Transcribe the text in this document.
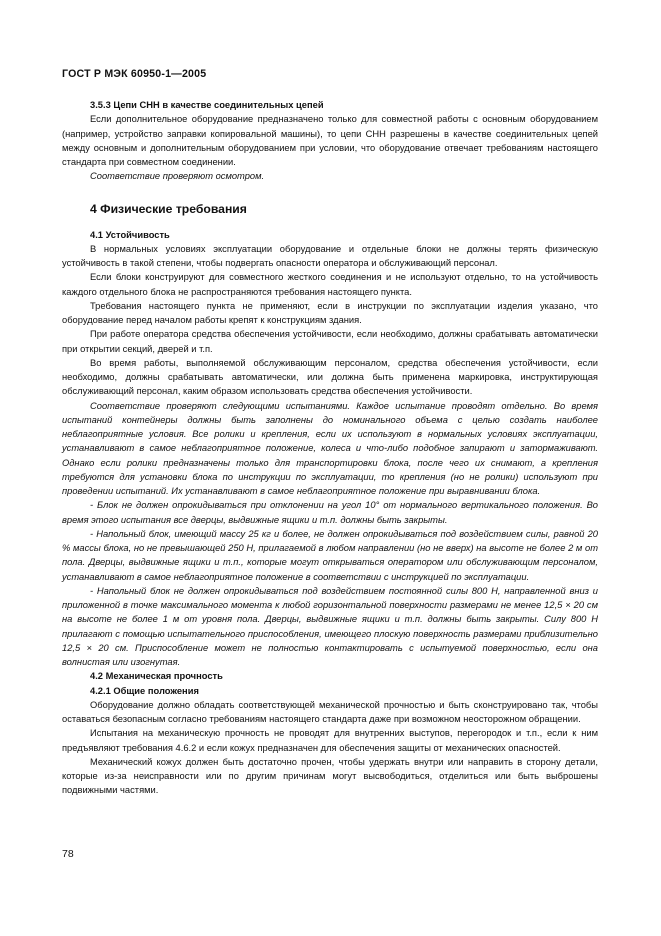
ГОСТ Р МЭК 60950-1—2005

3.5.3 Цепи СНН в качестве соединительных цепей

Если дополнительное оборудование предназначено только для совместной работы с основным оборудованием (например, устройство заправки копировальной машины), то цепи СНН разрешены в качестве соединительных цепей между основным и дополнительным оборудованием при условии, что оборудование отвечает требованиям настоящего стандарта при совместном соединении.

Соответствие проверяют осмотром.

4 Физические требования

4.1 Устойчивость

В нормальных условиях эксплуатации оборудование и отдельные блоки не должны терять физическую устойчивость в такой степени, чтобы подвергать опасности оператора и обслуживающий персонал.

Если блоки конструируют для совместного жесткого соединения и не используют отдельно, то на устойчивость каждого отдельного блока не распространяются требования настоящего пункта.

Требования настоящего пункта не применяют, если в инструкции по эксплуатации изделия указано, что оборудование перед началом работы крепят к конструкциям здания.

При работе оператора средства обеспечения устойчивости, если необходимо, должны срабатывать автоматически при открытии секций, дверей и т.п.

Во время работы, выполняемой обслуживающим персоналом, средства обеспечения устойчивости, если необходимо, должны срабатывать автоматически, или должна быть применена маркировка, инструктирующая обслуживающий персонал, каким образом использовать средства обеспечения устойчивости.

Соответствие проверяют следующими испытаниями. Каждое испытание проводят отдельно. Во время испытаний контейнеры должны быть заполнены до номинального объема с целью создать наиболее неблагоприятные условия. Все ролики и крепления, если их используют в нормальных условиях эксплуатации, устанавливают в самое неблагоприятное положение, колеса и что-либо подобное запирают и затормаживают. Однако если ролики предназначены только для транспортировки блока, после чего их снимают, а крепления требуются для установки блока по инструкции по эксплуатации, то крепления (но не ролики) используют при проведении испытаний. Их устанавливают в самое неблагоприятное положение при выравнивании блока.

- Блок не должен опрокидываться при отклонении на угол 10° от нормального вертикального положения. Во время этого испытания все дверцы, выдвижные ящики и т.п. должны быть закрыты.

- Напольный блок, имеющий массу 25 кг и более, не должен опрокидываться под воздействием силы, равной 20 % массы блока, но не превышающей 250 Н, прилагаемой в любом направлении (но не вверх) на высоте не более 2 м от пола. Дверцы, выдвижные ящики и т.п., которые могут открываться оператором или обслуживающим персоналом, устанавливают в самое неблагоприятное положение в соответствии с инструкцией по эксплуатации.

- Напольный блок не должен опрокидываться под воздействием постоянной силы 800 Н, направленной вниз и приложенной в точке максимального момента к любой горизонтальной поверхности размерами не менее 12,5 × 20 см на высоте не более 1 м от уровня пола. Дверцы, выдвижные ящики и т.п. должны быть закрыты. Силу 800 Н прилагают с помощью испытательного приспособления, имеющего плоскую поверхность размерами приблизительно 12,5 × 20 см. Приспособление может не полностью контактировать с испытуемой поверхностью, если она волнистая или изогнутая.

4.2 Механическая прочность

4.2.1 Общие положения

Оборудование должно обладать соответствующей механической прочностью и быть сконструировано так, чтобы оставаться безопасным согласно требованиям настоящего стандарта даже при возможном неосторожном обращении.

Испытания на механическую прочность не проводят для внутренних выступов, перегородок и т.п., если к ним предъявляют требования 4.6.2 и если кожух предназначен для обеспечения защиты от механических опасностей.

Механический кожух должен быть достаточно прочен, чтобы удержать внутри или направить в сторону детали, которые из-за неисправности или по другим причинам могут высвободиться, отделиться или быть выброшены подвижными частями.

78
